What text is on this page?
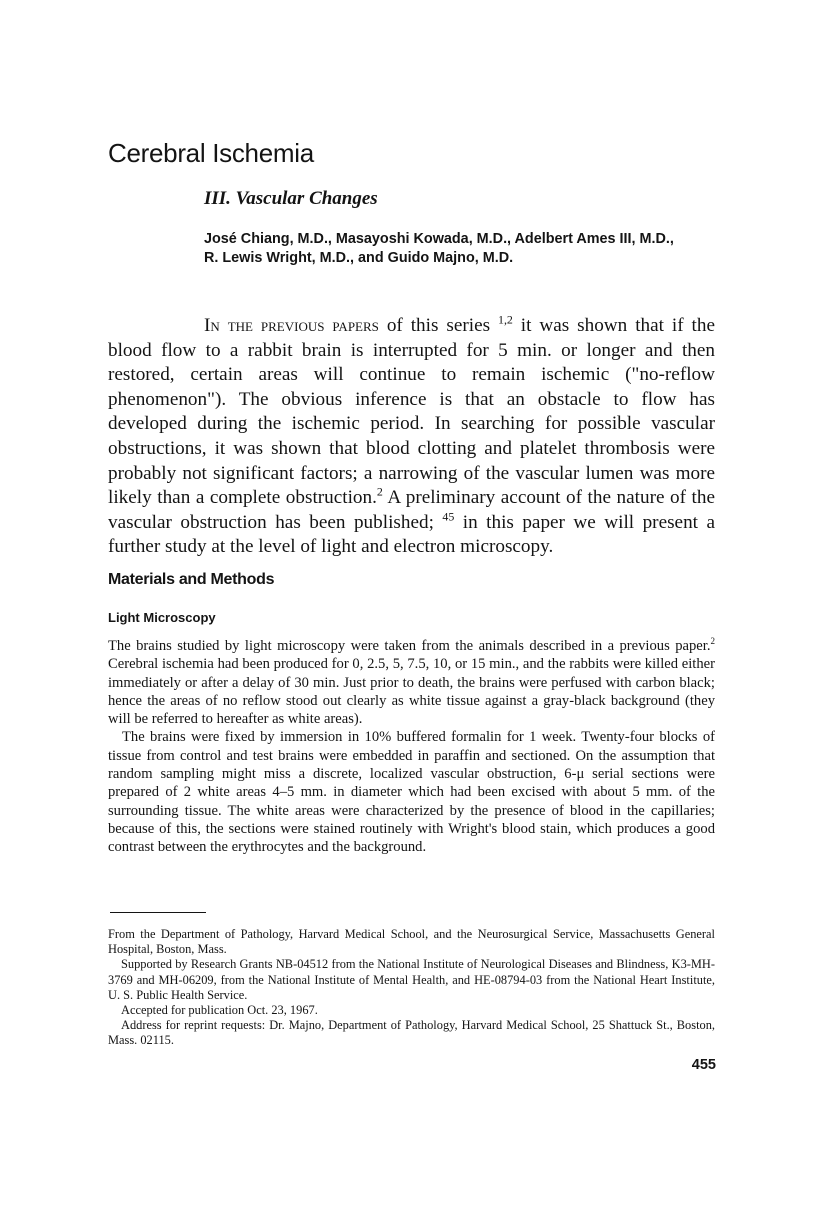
Cerebral Ischemia
III. Vascular Changes
José Chiang, M.D., Masayoshi Kowada, M.D., Adelbert Ames III, M.D.,
R. Lewis Wright, M.D., and Guido Majno, M.D.

In the previous papers of this series $^{1,2}$ it was shown that if the blood flow to a rabbit brain is interrupted for 5 min. or longer and then restored, certain areas will continue to remain ischemic ("no-reflow phenomenon"). The obvious inference is that an obstacle to flow has developed during the ischemic period. In searching for possible vascular obstructions, it was shown that blood clotting and platelet thrombosis were probably not significant factors; a narrowing of the vascular lumen was more likely than a complete obstruction.$^2$ A preliminary account of the nature of the vascular obstruction has been published; $^{45}$ in this paper we will present a further study at the level of light and electron microscopy.

Materials and Methods
Light Microscopy

The brains studied by light microscopy were taken from the animals described in a previous paper.$^2$ Cerebral ischemia had been produced for 0, 2.5, 5, 7.5, 10, or 15 min., and the rabbits were killed either immediately or after a delay of 30 min. Just prior to death, the brains were perfused with carbon black; hence the areas of no reflow stood out clearly as white tissue against a gray-black background (they will be referred to hereafter as white areas).

The brains were fixed by immersion in 10% buffered formalin for 1 week. Twenty-four blocks of tissue from control and test brains were embedded in paraffin and sectioned. On the assumption that random sampling might miss a discrete, localized vascular obstruction, 6-μ serial sections were prepared of 2 white areas 4–5 mm. in diameter which had been excised with about 5 mm. of the surrounding tissue. The white areas were characterized by the presence of blood in the capillaries; because of this, the sections were stained routinely with Wright's blood stain, which produces a good contrast between the erythrocytes and the background.

From the Department of Pathology, Harvard Medical School, and the Neurosurgical Service, Massachusetts General Hospital, Boston, Mass.

Supported by Research Grants NB-04512 from the National Institute of Neurological Diseases and Blindness, K3-MH-3769 and MH-06209, from the National Institute of Mental Health, and HE-08794-03 from the National Heart Institute, U. S. Public Health Service.

Accepted for publication Oct. 23, 1967.

Address for reprint requests: Dr. Majno, Department of Pathology, Harvard Medical School, 25 Shattuck St., Boston, Mass. 02115.

455
